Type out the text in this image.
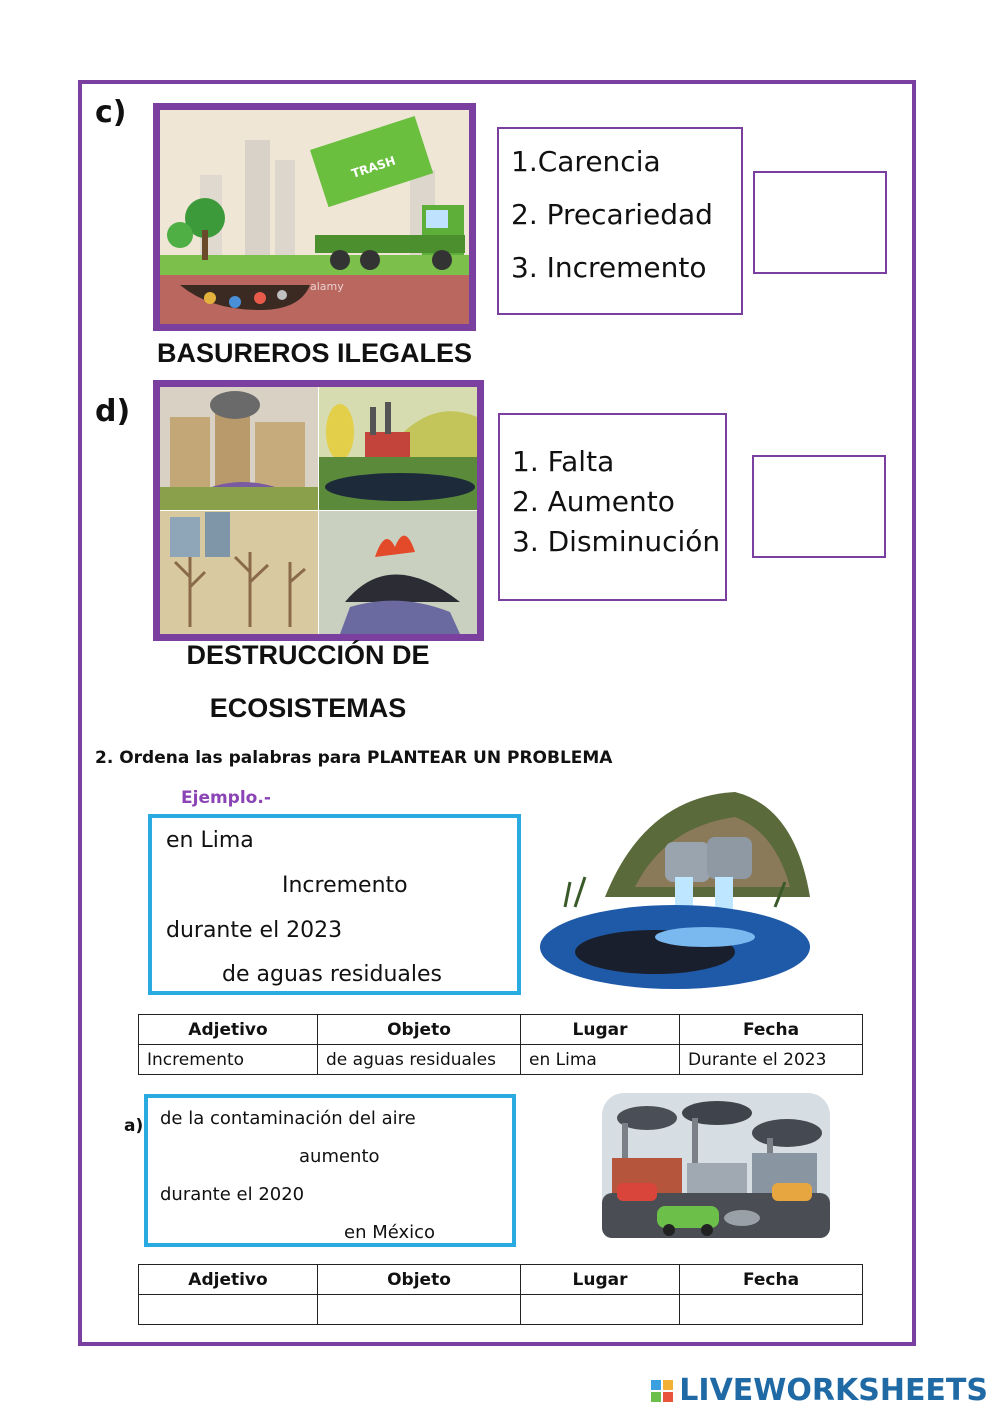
c)
TRASH
alamy
BASUREROS ILEGALES
1.Carencia
2. Precariedad
3. Incremento
d)
DESTRUCCIÓN DE
ECOSISTEMAS
1. Falta
2. Aumento
3. Disminución
2. Ordena las palabras para PLANTEAR UN PROBLEMA
Ejemplo.-
en Lima
Incremento
durante el 2023
de aguas residuales
Adjetivo	Objeto	Lugar	Fecha
Incremento	de aguas residuales	en Lima	Durante el 2023
a) de la contaminación del aire
aumento
durante el 2020
en México
Adjetivo	Objeto	Lugar	Fecha

LIVEWORKSHEETS
